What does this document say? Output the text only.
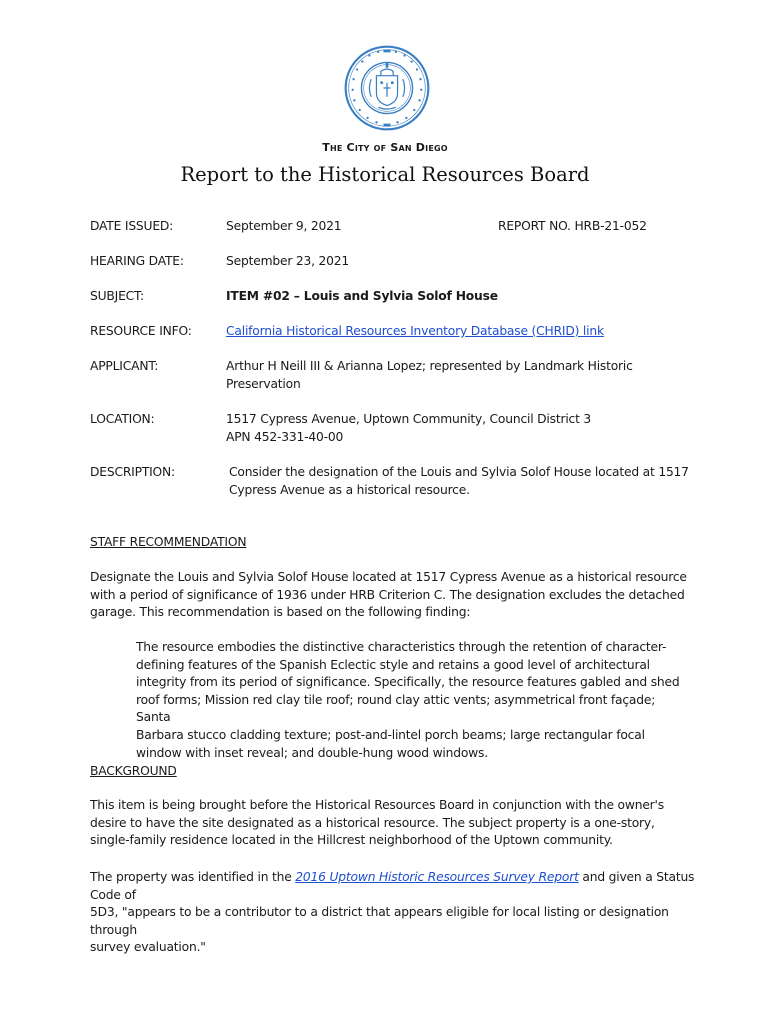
The City of San Diego
Report to the Historical Resources Board
DATE ISSUED:	September 9, 2021	REPORT NO. HRB-21-052
HEARING DATE:	September 23, 2021
SUBJECT:	ITEM #02 – Louis and Sylvia Solof House
RESOURCE INFO:	California Historical Resources Inventory Database (CHRID) link
APPLICANT:	Arthur H Neill III & Arianna Lopez; represented by Landmark Historic
Preservation
LOCATION:	1517 Cypress Avenue, Uptown Community, Council District 3
APN 452-331-40-00
DESCRIPTION:	Consider the designation of the Louis and Sylvia Solof House located at 1517
Cypress Avenue as a historical resource.
STAFF RECOMMENDATION
Designate the Louis and Sylvia Solof House located at 1517 Cypress Avenue as a historical resource
with a period of significance of 1936 under HRB Criterion C. The designation excludes the detached
garage. This recommendation is based on the following finding:
The resource embodies the distinctive characteristics through the retention of character-
defining features of the Spanish Eclectic style and retains a good level of architectural
integrity from its period of significance. Specifically, the resource features gabled and shed
roof forms; Mission red clay tile roof; round clay attic vents; asymmetrical front façade; Santa
Barbara stucco cladding texture; post-and-lintel porch beams; large rectangular focal
window with inset reveal; and double-hung wood windows.
BACKGROUND
This item is being brought before the Historical Resources Board in conjunction with the owner's
desire to have the site designated as a historical resource. The subject property is a one-story,
single-family residence located in the Hillcrest neighborhood of the Uptown community.
The property was identified in the 2016 Uptown Historic Resources Survey Report and given a Status Code of
5D3, "appears to be a contributor to a district that appears eligible for local listing or designation through
survey evaluation."
